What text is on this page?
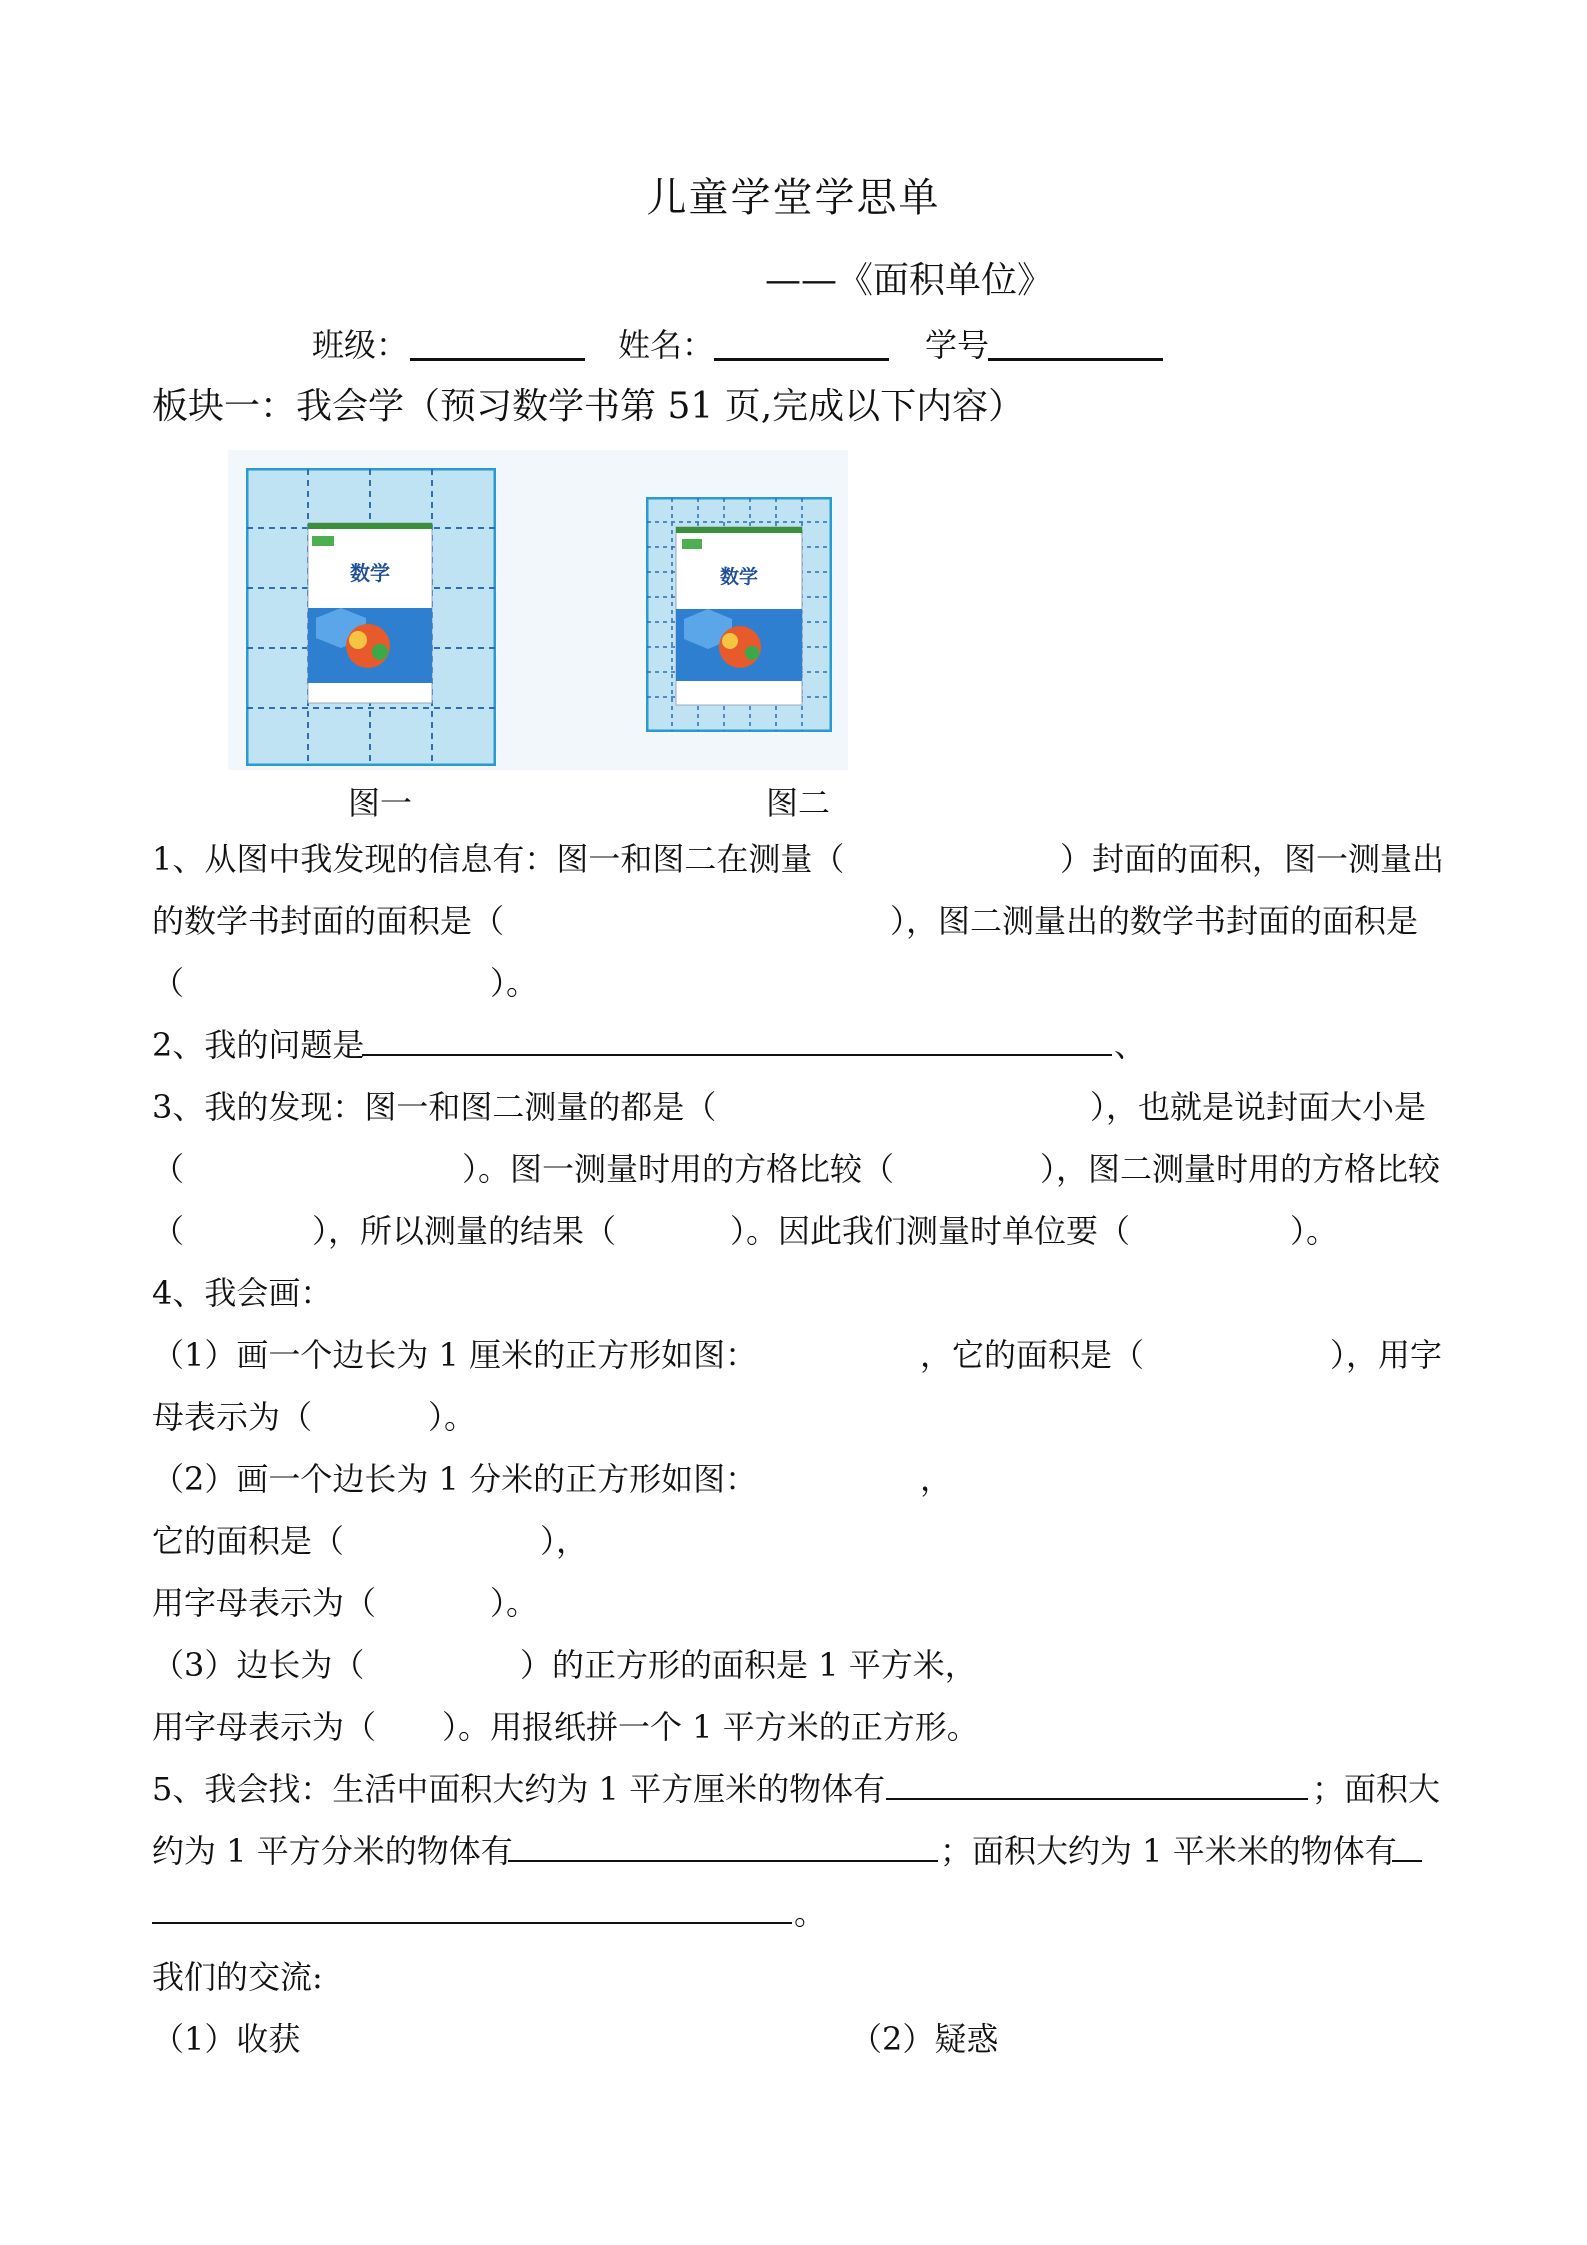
儿童学堂学思单
——《面积单位》
班级：	姓名：	学号
板块一：我会学（预习数学书第 51 页,完成以下内容）
数学	数学
图一	图二
1、从图中我发现的信息有：图一和图二在测量（	）封面的面积，图一测量出
的数学书封面的面积是（	），图二测量出的数学书封面的面积是
（	）。
2、我的问题是	、
3、我的发现：图一和图二测量的都是（	），也就是说封面大小是
（	）。图一测量时用的方格比较（	），图二测量时用的方格比较
（	），所以测量的结果（	）。因此我们测量时单位要（	）。
4、我会画：
（1）画一个边长为 1 厘米的正方形如图：	，它的面积是（	），用字
母表示为（	）。
（2）画一个边长为 1 分米的正方形如图：	，
它的面积是（	），
用字母表示为（	）。
（3）边长为（	）的正方形的面积是 1 平方米，
用字母表示为（ ）。用报纸拼一个 1 平方米的正方形。
5、我会找：生活中面积大约为 1 平方厘米的物体有	；面积大
约为 1 平方分米的物体有	；面积大约为 1 平米米的物体有
。
我们的交流:
（1）收获	（2）疑惑
